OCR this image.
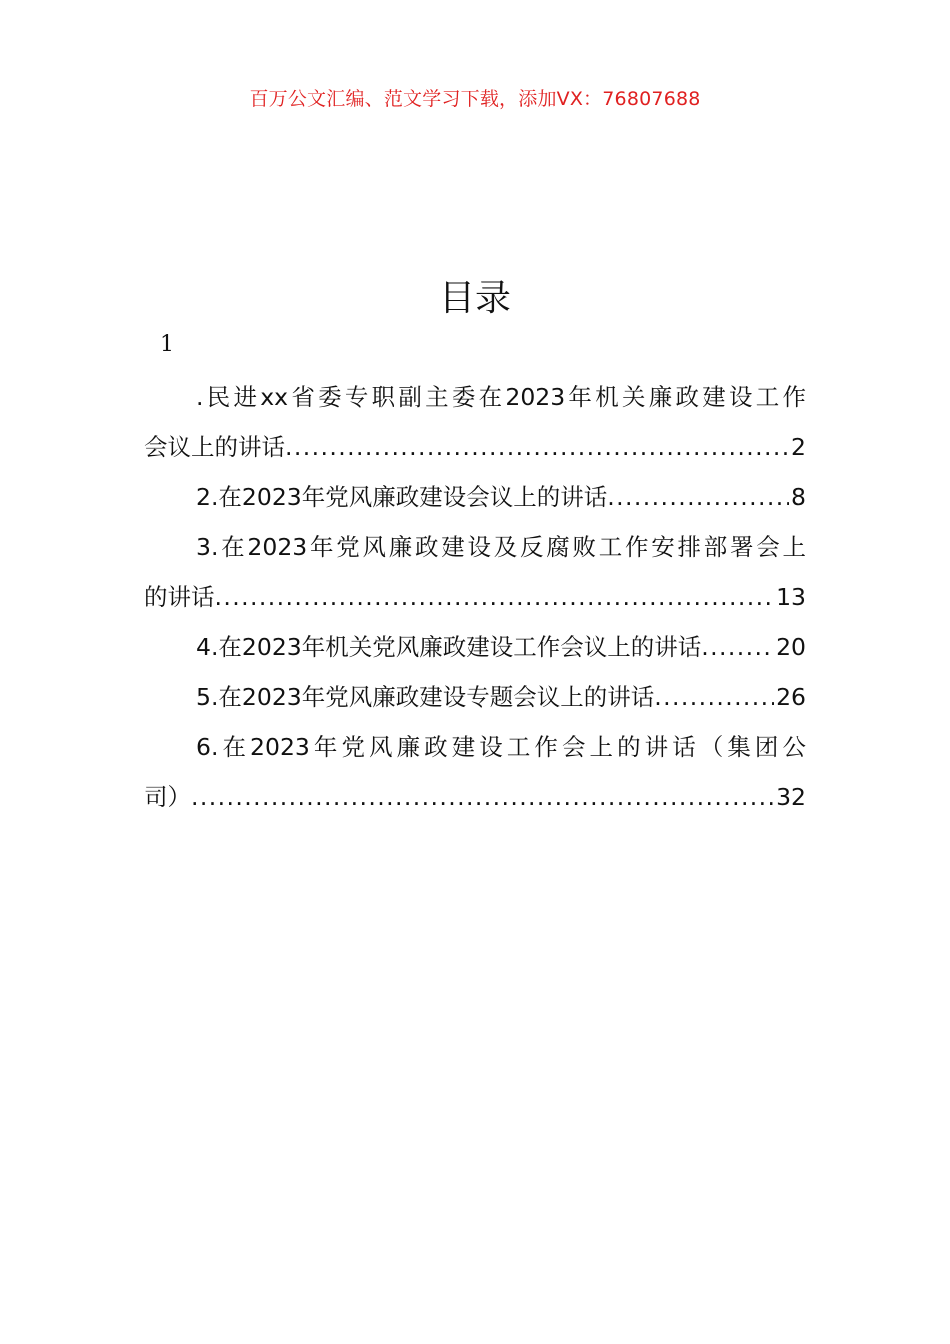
百万公文汇编、范文学习下载，添加VX：76807688
目录
1
.民进xx省委专职副主委在2023年机关廉政建设工作
会议上的讲话 .....	2
2.在2023年党风廉政建设会议上的讲话 .....	8
3.在2023年党风廉政建设及反腐败工作安排部署会上
的讲话 .....	13
4.在2023年机关党风廉政建设工作会议上的讲话 .....	20
5.在2023年党风廉政建设专题会议上的讲话 .....	26
6.在2023年党风廉政建设工作会上的讲话（集团公
司） .....	32
